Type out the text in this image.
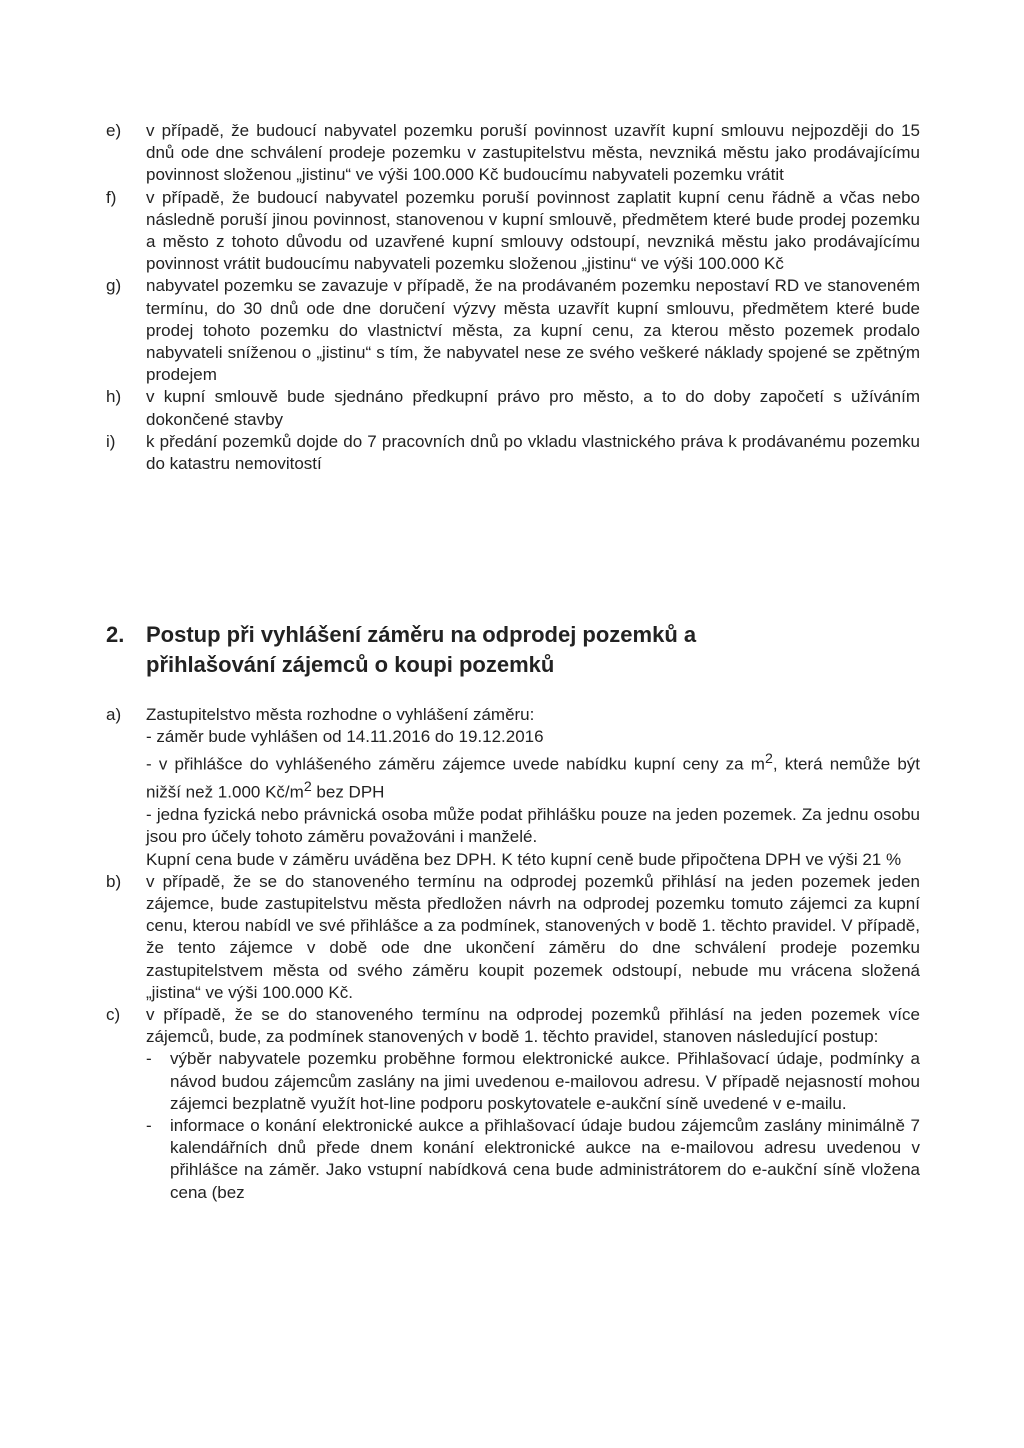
e)	v případě, že budoucí nabyvatel pozemku poruší povinnost uzavřít kupní smlouvu nejpozději do 15 dnů ode dne schválení prodeje pozemku v zastupitelstvu města, nevzniká městu jako prodávajícímu povinnost složenou „jistinu“ ve výši 100.000 Kč budoucímu nabyvateli pozemku vrátit
f)	v případě, že budoucí nabyvatel pozemku poruší povinnost zaplatit kupní cenu řádně a včas nebo následně poruší jinou povinnost, stanovenou v kupní smlouvě, předmětem které bude prodej pozemku a město z tohoto důvodu od uzavřené kupní smlouvy odstoupí, nevzniká městu jako prodávajícímu povinnost vrátit budoucímu nabyvateli pozemku složenou „jistinu“ ve výši 100.000 Kč
g)	nabyvatel pozemku se zavazuje v případě, že na prodávaném pozemku nepostaví RD ve stanoveném termínu, do 30 dnů ode dne doručení výzvy města uzavřít kupní smlouvu, předmětem které bude prodej tohoto pozemku do vlastnictví města, za kupní cenu, za kterou město pozemek prodalo nabyvateli sníženou o „jistinu“ s tím, že nabyvatel nese ze svého veškeré náklady spojené se zpětným prodejem
h)	v kupní smlouvě bude sjednáno předkupní právo pro město, a to do doby započetí s užíváním dokončené stavby
i)	k předání pozemků dojde do 7 pracovních dnů po vkladu vlastnického práva k prodávanému pozemku do katastru nemovitostí
2. Postup při vyhlášení záměru na odprodej pozemků a
přihlašování zájemců o koupi pozemků
a)	Zastupitelstvo města rozhodne o vyhlášení záměru:
- záměr bude vyhlášen od 14.11.2016 do 19.12.2016
- v přihlášce do vyhlášeného záměru zájemce uvede nabídku kupní ceny za $m^2$, která nemůže být nižší než 1.000 $Kč/m^2$ bez DPH
- jedna fyzická nebo právnická osoba může podat přihlášku pouze na jeden pozemek. Za jednu osobu jsou pro účely tohoto záměru považováni i manželé.
Kupní cena bude v záměru uváděna bez DPH. K této kupní ceně bude připočtena DPH ve výši 21 %
b)	v případě, že se do stanoveného termínu na odprodej pozemků přihlásí na jeden pozemek jeden zájemce, bude zastupitelstvu města předložen návrh na odprodej pozemku tomuto zájemci za kupní cenu, kterou nabídl ve své přihlášce a za podmínek, stanovených v bodě 1. těchto pravidel. V případě, že tento zájemce v době ode dne ukončení záměru do dne schválení prodeje pozemku zastupitelstvem města od svého záměru koupit pozemek odstoupí, nebude mu vrácena složená „jistina“ ve výši 100.000 Kč.
c)	v případě, že se do stanoveného termínu na odprodej pozemků přihlásí na jeden pozemek více zájemců, bude, za podmínek stanovených v bodě 1. těchto pravidel, stanoven následující postup:
-	výběr nabyvatele pozemku proběhne formou elektronické aukce. Přihlašovací údaje, podmínky a návod budou zájemcům zaslány na jimi uvedenou e-mailovou adresu. V případě nejasností mohou zájemci bezplatně využít hot-line podporu poskytovatele e-aukční síně uvedené v e-mailu.
-	informace o konání elektronické aukce a přihlašovací údaje budou zájemcům zaslány minimálně 7 kalendářních dnů přede dnem konání elektronické aukce na e-mailovou adresu uvedenou v přihlášce na záměr. Jako vstupní nabídková cena bude administrátorem do e-aukční síně vložena cena (bez
